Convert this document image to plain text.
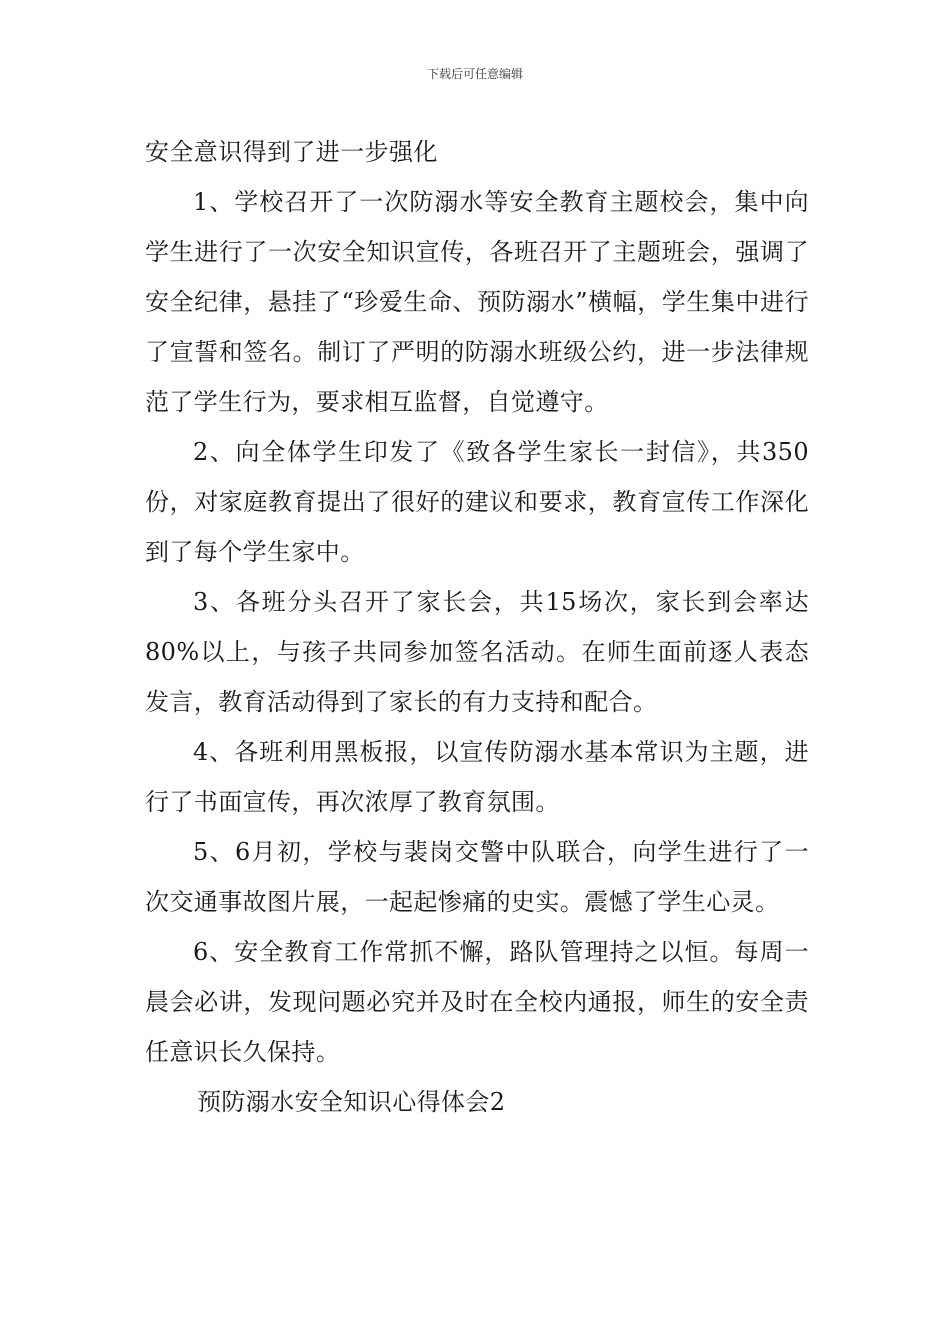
下载后可任意编辑

安全意识得到了进一步强化

1、学校召开了一次防溺水等安全教育主题校会，集中向学生进行了一次安全知识宣传，各班召开了主题班会，强调了安全纪律，悬挂了“珍爱生命、预防溺水”横幅，学生集中进行了宣誓和签名。制订了严明的防溺水班级公约，进一步法律规范了学生行为，要求相互监督，自觉遵守。

2、向全体学生印发了《致各学生家长一封信》，共350份，对家庭教育提出了很好的建议和要求，教育宣传工作深化到了每个学生家中。

3、各班分头召开了家长会，共15场次，家长到会率达80%以上，与孩子共同参加签名活动。在师生面前逐人表态发言，教育活动得到了家长的有力支持和配合。

4、各班利用黑板报，以宣传防溺水基本常识为主题，进行了书面宣传，再次浓厚了教育氛围。

5、6月初，学校与裴岗交警中队联合，向学生进行了一次交通事故图片展，一起起惨痛的史实。震憾了学生心灵。

6、安全教育工作常抓不懈，路队管理持之以恒。每周一晨会必讲，发现问题必究并及时在全校内通报，师生的安全责任意识长久保持。

预防溺水安全知识心得体会2
